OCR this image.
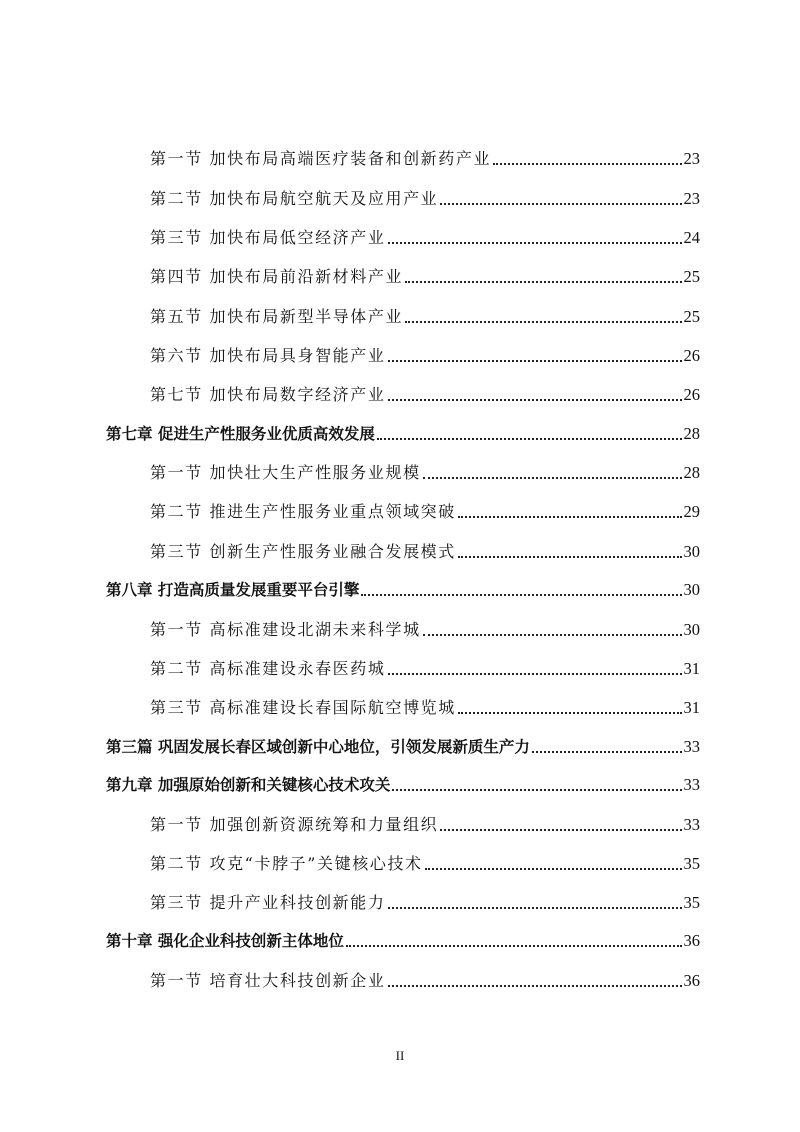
第一节 加快布局高端医疗装备和创新药产业	23
第二节 加快布局航空航天及应用产业	23
第三节 加快布局低空经济产业	24
第四节 加快布局前沿新材料产业	25
第五节 加快布局新型半导体产业	25
第六节 加快布局具身智能产业	26
第七节 加快布局数字经济产业	26
第七章 促进生产性服务业优质高效发展	28
第一节 加快壮大生产性服务业规模	28
第二节 推进生产性服务业重点领域突破	29
第三节 创新生产性服务业融合发展模式	30
第八章 打造高质量发展重要平台引擎	30
第一节 高标准建设北湖未来科学城	30
第二节 高标准建设永春医药城	31
第三节 高标准建设长春国际航空博览城	31
第三篇 巩固发展长春区域创新中心地位，引领发展新质生产力	33
第九章 加强原始创新和关键核心技术攻关	33
第一节 加强创新资源统筹和力量组织	33
第二节 攻克“卡脖子”关键核心技术	35
第三节 提升产业科技创新能力	35
第十章 强化企业科技创新主体地位	36
第一节 培育壮大科技创新企业	36
II
